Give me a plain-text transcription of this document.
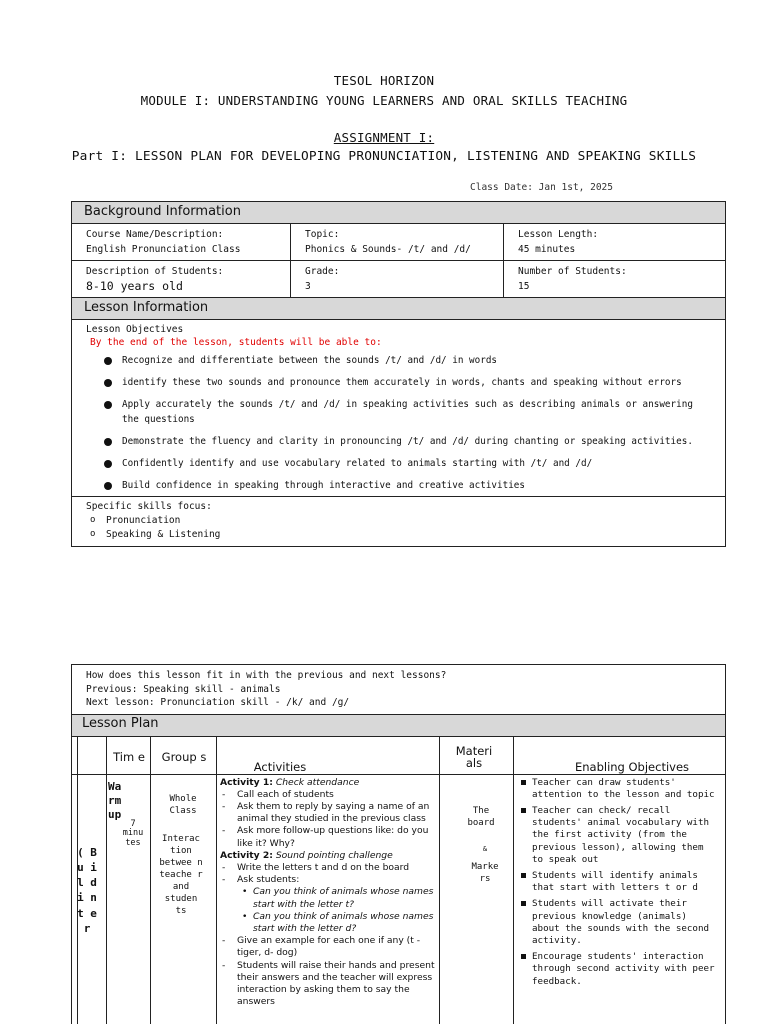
TESOL HORIZON
MODULE I: UNDERSTANDING YOUNG LEARNERS AND ORAL SKILLS TEACHING
ASSIGNMENT I:
Part I: LESSON PLAN FOR DEVELOPING PRONUNCIATION, LISTENING AND SPEAKING SKILLS
Class Date: Jan 1st, 2025
Background Information
Course Name/Description:
English Pronunciation Class
Topic:
Phonics & Sounds- /t/ and /d/
Lesson Length:
45 minutes
Description of Students:
8-10 years old
Grade:
3
Number of Students:
15
Lesson Information
Lesson Objectives
By the end of the lesson, students will be able to:
Recognize and differentiate between the sounds /t/ and /d/ in words
identify these two sounds and pronounce them accurately in words, chants and speaking without errors
Apply accurately the sounds /t/ and /d/ in speaking activities such as describing animals or answering the questions
Demonstrate the fluency and clarity in pronouncing /t/ and /d/ during chanting or speaking activities.
Confidently identify and use vocabulary related to animals starting with /t/ and /d/
Build confidence in speaking through interactive and creative activities
Specific skills focus:
o Pronunciation
o Speaking & Listening
How does this lesson fit in with the previous and next lessons?
Previous: Speaking skill - animals
Next lesson: Pronunciation skill - /k/ and /g/
Lesson Plan
Tim e	Group s
Activities
Materi als	Enabling Objectives
Wa rm up
( B u i l d i n t e r
7 minu tes
Whole Class
Interac tion betwee n teache r and studen ts
The board
&
Marke rs
Activity 1: Check attendance
- Call each of students
- Ask them to reply by saying a name of an animal they studied in the previous class
- Ask more follow-up questions like: do you like it? Why?
Activity 2: Sound pointing challenge
- Write the letters t and d on the board
- Ask students:
• Can you think of animals whose names start with the letter t?
• Can you think of animals whose names start with the letter d?
- Give an example for each one if any (t - tiger, d- dog)
- Students will raise their hands and present their answers and the teacher will express interaction by asking them to say the answers
Teacher can draw students' attention to the lesson and topic
Teacher can check/ recall students' animal vocabulary with the first activity (from the previous lesson), allowing them to speak out
Students will identify animals that start with letters t or d
Students will activate their previous knowledge (animals) about the sounds with the second activity.
Encourage students' interaction through second activity with peer feedback.
